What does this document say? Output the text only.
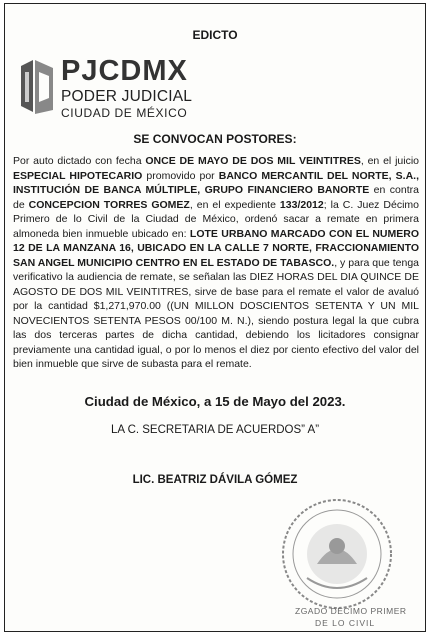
EDICTO
PJCDMX
PODER JUDICIAL
CIUDAD DE MÉXICO
SE CONVOCAN POSTORES:
Por auto dictado con fecha ONCE DE MAYO DE DOS MIL VEINTITRES, en el juicio ESPECIAL HIPOTECARIO promovido por BANCO MERCANTIL DEL NORTE, S.A., INSTITUCIÓN DE BANCA MÚLTIPLE, GRUPO FINANCIERO BANORTE en contra de CONCEPCION TORRES GOMEZ, en el expediente 133/2012; la C. Juez Décimo Primero de lo Civil de la Ciudad de México, ordenó sacar a remate en primera almoneda bien inmueble ubicado en: LOTE URBANO MARCADO CON EL NUMERO 12 DE LA MANZANA 16, UBICADO EN LA CALLE 7 NORTE, FRACCIONAMIENTO SAN ANGEL MUNICIPIO CENTRO EN EL ESTADO DE TABASCO., y para que tenga verificativo la audiencia de remate, se señalan las DIEZ HORAS DEL DIA QUINCE DE AGOSTO DE DOS MIL VEINTITRES, sirve de base para el remate el valor de avaluó por la cantidad $1,271,970.00 ((UN MILLON DOSCIENTOS SETENTA Y UN MIL NOVECIENTOS SETENTA PESOS 00/100 M. N.), siendo postura legal la que cubra las dos terceras partes de dicha cantidad, debiendo los licitadores consignar previamente una cantidad igual, o por lo menos el diez por ciento efectivo del valor del bien inmueble que sirve de subasta para el remate.
Ciudad de México, a 15 de Mayo del 2023.
LA C. SECRETARIA DE ACUERDOS” A”
LIC. BEATRIZ DÁVILA GÓMEZ
ZGADO DECIMO PRIMER
DE LO CIVIL
